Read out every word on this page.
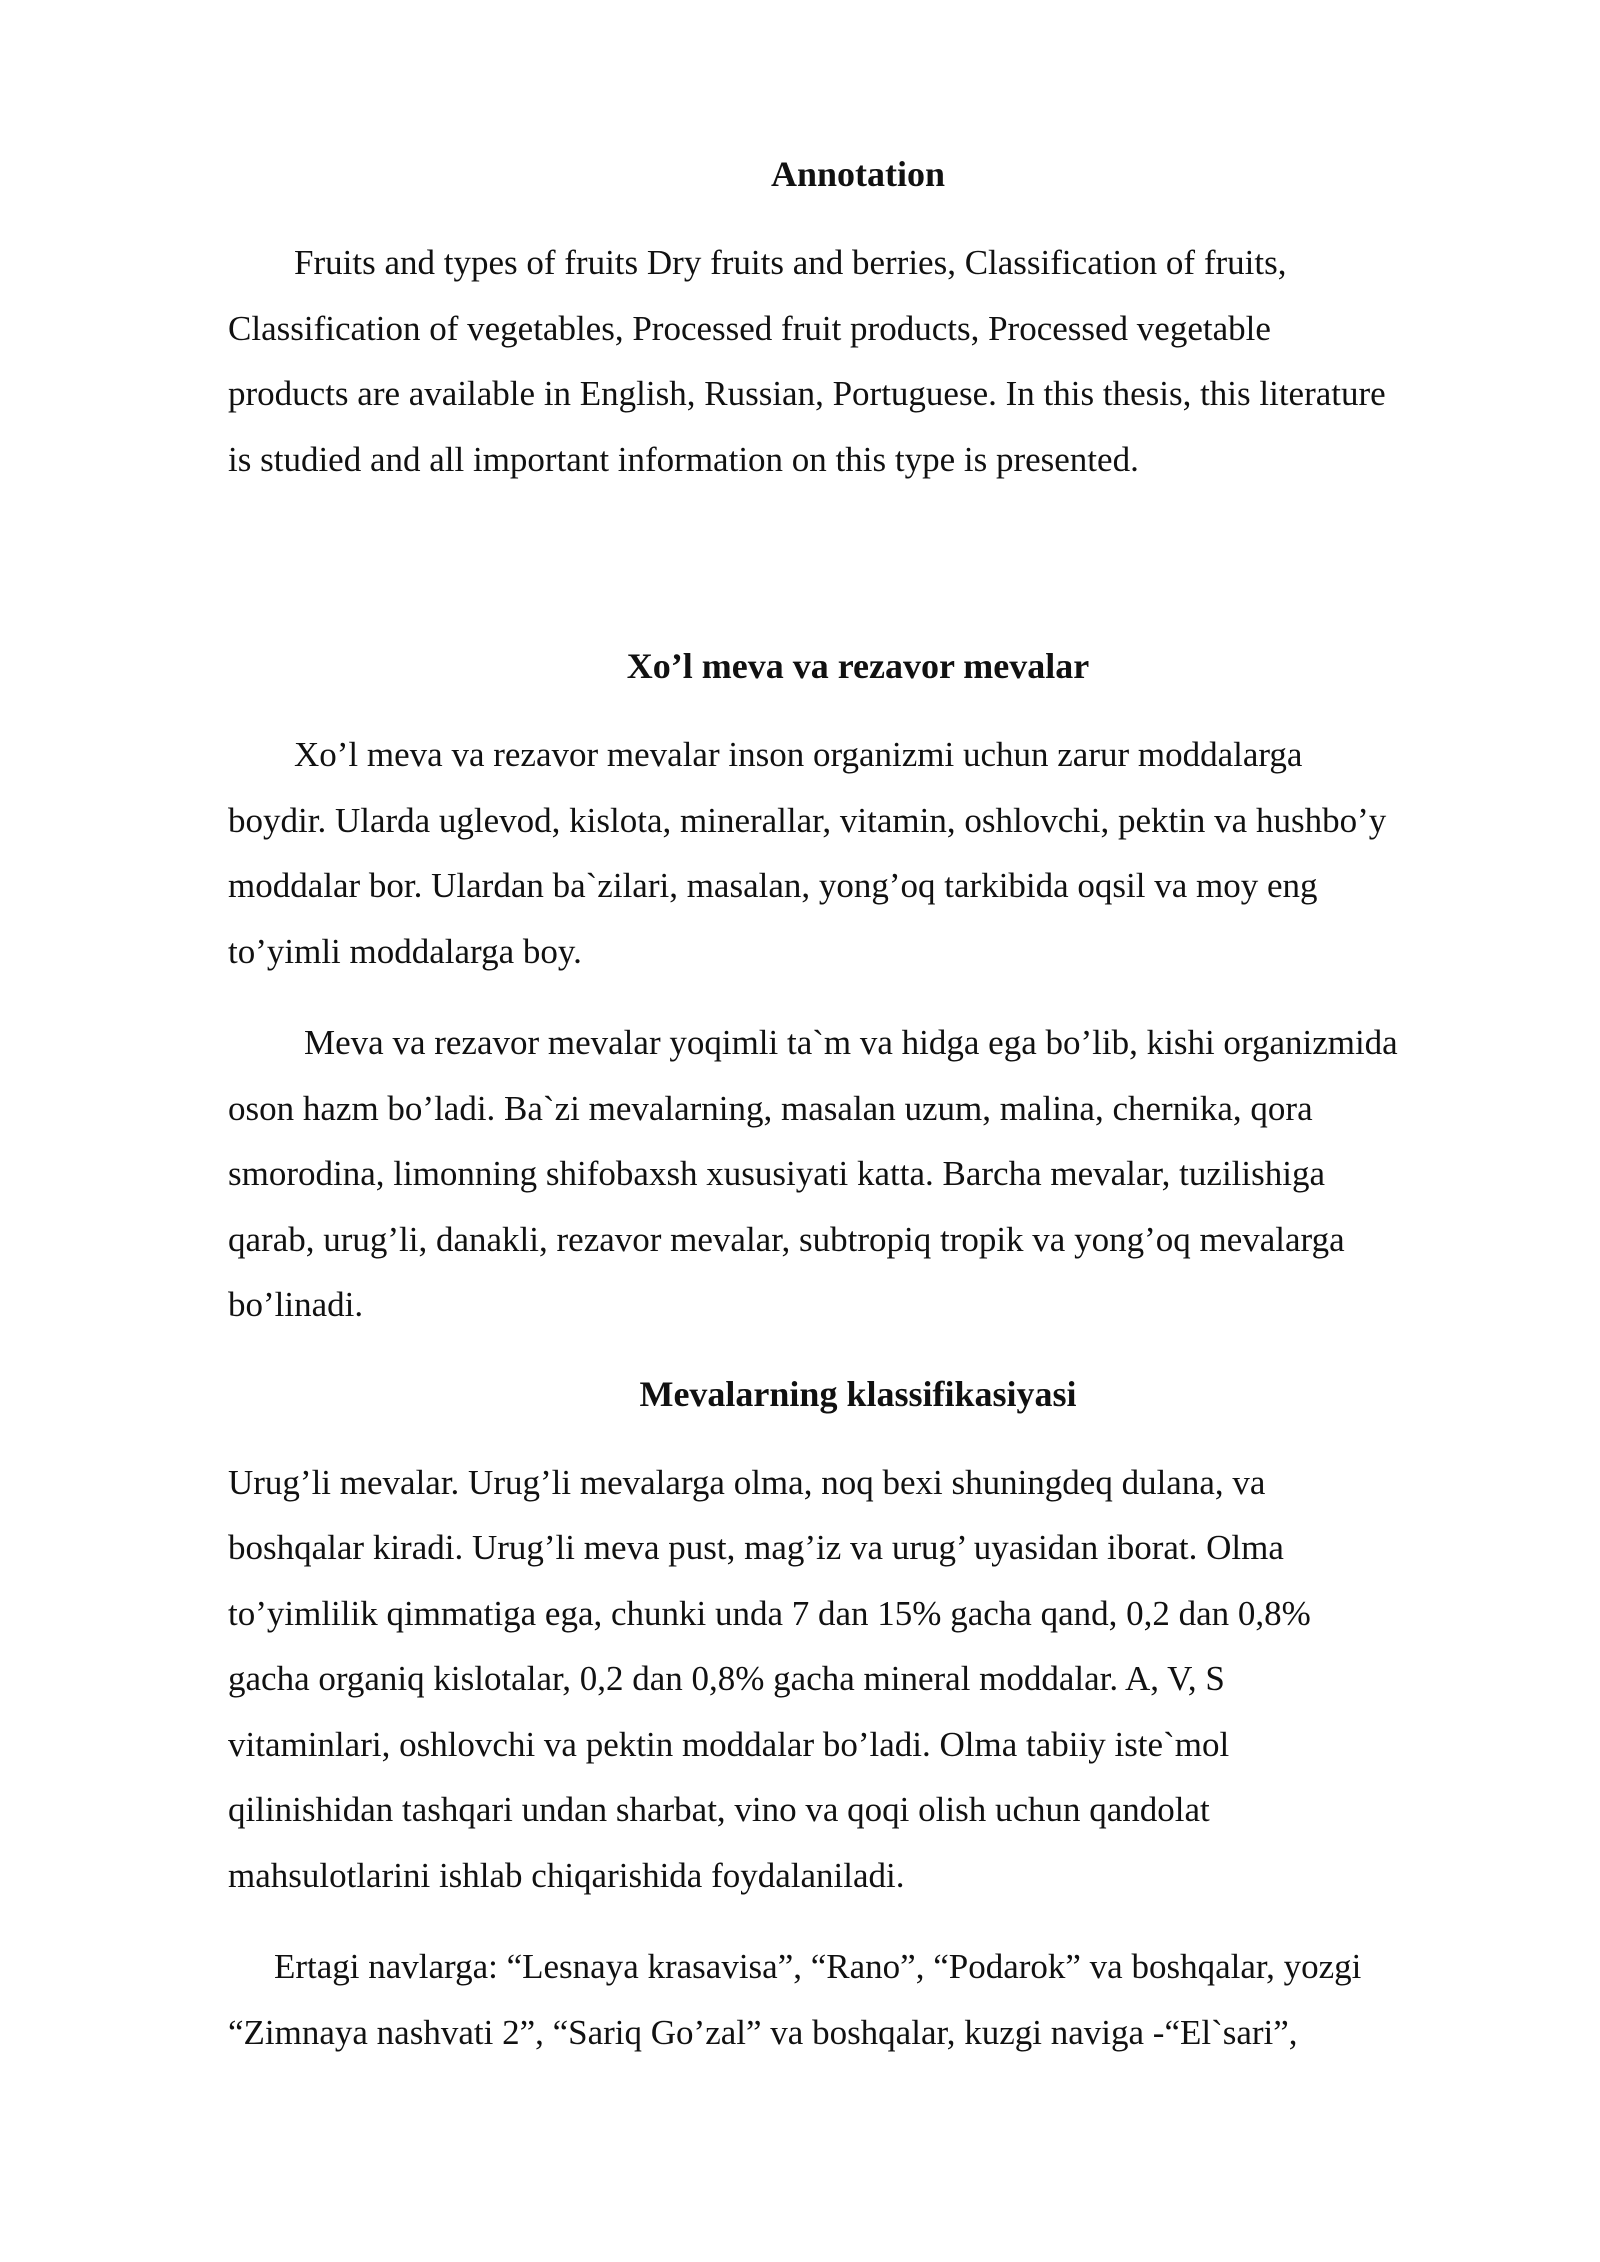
Annotation

Fruits and types of fruits Dry fruits and berries, Classification of fruits,
Classification of vegetables, Processed fruit products, Processed vegetable
products are available in English, Russian, Portuguese. In this thesis, this literature
is studied and all important information on this type is presented.

Xo’l meva va rezavor mevalar

Xo’l meva va rezavor mevalar inson organizmi uchun zarur moddalarga
boydir. Ularda uglevod, kislota, minerallar, vitamin, oshlovchi, pektin va hushbo’y
moddalar bor. Ulardan ba`zilari, masalan, yong’oq tarkibida oqsil va moy eng
to’yimli moddalarga boy.

Meva va rezavor mevalar yoqimli ta`m va hidga ega bo’lib, kishi organizmida
oson hazm bo’ladi. Ba`zi mevalarning, masalan uzum, malina, chernika, qora
smorodina, limonning shifobaxsh xususiyati katta. Barcha mevalar, tuzilishiga
qarab, urug’li, danakli, rezavor mevalar, subtropiq tropik va yong’oq mevalarga
bo’linadi.

Mevalarning klassifikasiyasi

Urug’li mevalar. Urug’li mevalarga olma, noq bexi shuningdeq dulana, va
boshqalar kiradi. Urug’li meva pust, mag’iz va urug’ uyasidan iborat. Olma
to’yimlilik qimmatiga ega, chunki unda 7 dan 15% gacha qand, 0,2 dan 0,8%
gacha organiq kislotalar, 0,2 dan 0,8% gacha mineral moddalar. A, V, S
vitaminlari, oshlovchi va pektin moddalar bo’ladi. Olma tabiiy iste`mol
qilinishidan tashqari undan sharbat, vino va qoqi olish uchun qandolat
mahsulotlarini ishlab chiqarishida foydalaniladi.

Ertagi navlarga: “Lesnaya krasavisa”, “Rano”, “Podarok” va boshqalar, yozgi
“Zimnaya nashvati 2”, “Sariq Go’zal” va boshqalar, kuzgi naviga -“El`sari”,
